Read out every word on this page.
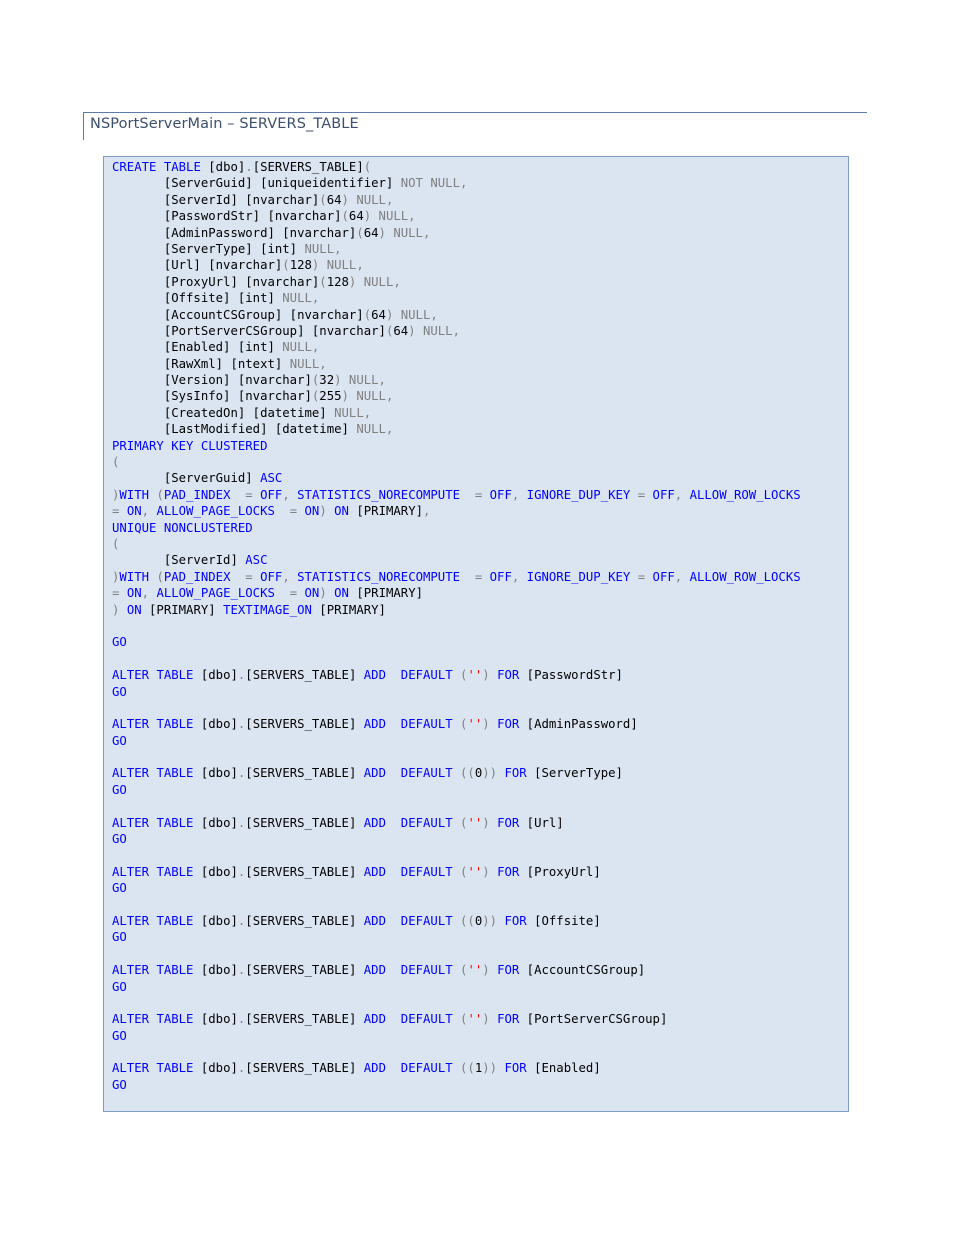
NSPortServerMain – SERVERS_TABLE
CREATE TABLE [dbo].[SERVERS_TABLE](
[ServerGuid] [uniqueidentifier] NOT NULL,
[ServerId] [nvarchar](64) NULL,
[PasswordStr] [nvarchar](64) NULL,
[AdminPassword] [nvarchar](64) NULL,
[ServerType] [int] NULL,
[Url] [nvarchar](128) NULL,
[ProxyUrl] [nvarchar](128) NULL,
[Offsite] [int] NULL,
[AccountCSGroup] [nvarchar](64) NULL,
[PortServerCSGroup] [nvarchar](64) NULL,
[Enabled] [int] NULL,
[RawXml] [ntext] NULL,
[Version] [nvarchar](32) NULL,
[SysInfo] [nvarchar](255) NULL,
[CreatedOn] [datetime] NULL,
[LastModified] [datetime] NULL,
PRIMARY KEY CLUSTERED
(
[ServerGuid] ASC
)WITH (PAD_INDEX = OFF, STATISTICS_NORECOMPUTE = OFF, IGNORE_DUP_KEY = OFF, ALLOW_ROW_LOCKS
= ON, ALLOW_PAGE_LOCKS = ON) ON [PRIMARY],
UNIQUE NONCLUSTERED
(
[ServerId] ASC
)WITH (PAD_INDEX = OFF, STATISTICS_NORECOMPUTE = OFF, IGNORE_DUP_KEY = OFF, ALLOW_ROW_LOCKS
= ON, ALLOW_PAGE_LOCKS = ON) ON [PRIMARY]
) ON [PRIMARY] TEXTIMAGE_ON [PRIMARY]
GO
ALTER TABLE [dbo].[SERVERS_TABLE] ADD DEFAULT ('') FOR [PasswordStr]
GO
ALTER TABLE [dbo].[SERVERS_TABLE] ADD DEFAULT ('') FOR [AdminPassword]
GO
ALTER TABLE [dbo].[SERVERS_TABLE] ADD DEFAULT ((0)) FOR [ServerType]
GO
ALTER TABLE [dbo].[SERVERS_TABLE] ADD DEFAULT ('') FOR [Url]
GO
ALTER TABLE [dbo].[SERVERS_TABLE] ADD DEFAULT ('') FOR [ProxyUrl]
GO
ALTER TABLE [dbo].[SERVERS_TABLE] ADD DEFAULT ((0)) FOR [Offsite]
GO
ALTER TABLE [dbo].[SERVERS_TABLE] ADD DEFAULT ('') FOR [AccountCSGroup]
GO
ALTER TABLE [dbo].[SERVERS_TABLE] ADD DEFAULT ('') FOR [PortServerCSGroup]
GO
ALTER TABLE [dbo].[SERVERS_TABLE] ADD DEFAULT ((1)) FOR [Enabled]
GO
